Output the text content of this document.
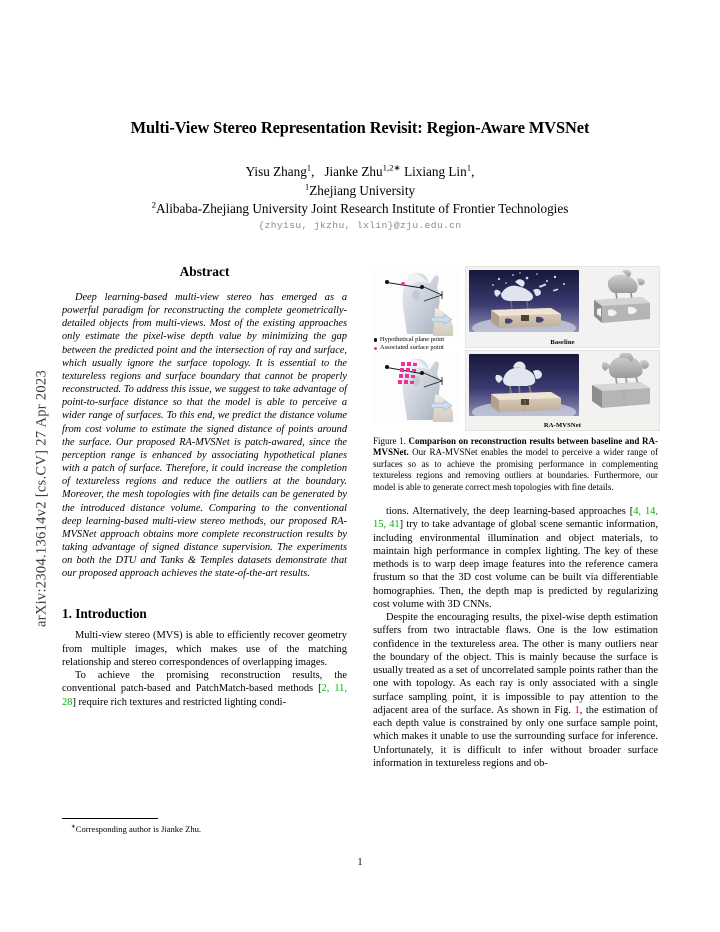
arXiv:2304.13614v2 [cs.CV] 27 Apr 2023
Multi-View Stereo Representation Revisit: Region-Aware MVSNet
Yisu Zhang$^1$, Jianke Zhu$^{1,2∗}$ Lixiang Lin$^1$,
$^1$Zhejiang University
$^2$Alibaba-Zhejiang University Joint Research Institute of Frontier Technologies
{zhyisu, jkzhu, lxlin}@zju.edu.cn
Abstract

Deep learning-based multi-view stereo has emerged as a powerful paradigm for reconstructing the complete geometrically-detailed objects from multi-views. Most of the existing approaches only estimate the pixel-wise depth value by minimizing the gap between the predicted point and the intersection of ray and surface, which usually ignore the surface topology. It is essential to the textureless regions and surface boundary that cannot be properly reconstructed. To address this issue, we suggest to take advantage of point-to-surface distance so that the model is able to perceive a wider range of surfaces. To this end, we predict the distance volume from cost volume to estimate the signed distance of points around the surface. Our proposed RA-MVSNet is patch-awared, since the perception range is enhanced by associating hypothetical planes with a patch of surface. Therefore, it could increase the completion of textureless regions and reduce the outliers at the boundary. Moreover, the mesh topologies with fine details can be generated by the introduced distance volume. Comparing to the conventional deep learning-based multi-view stereo methods, our proposed RA-MVSNet approach obtains more complete reconstruction results by taking advantage of signed distance supervision. The experiments on both the DTU and Tanks & Temples datasets demonstrate that our proposed approach achieves the state-of-the-art results.

1. Introduction

Multi-view stereo (MVS) is able to efficiently recover geometry from multiple images, which makes use of the matching relationship and stereo correspondences of overlapping images.

To achieve the promising reconstruction results, the conventional patch-based and PatchMatch-based methods [2, 11, 28] require rich textures and restricted lighting condi-

Hypothetical plane point
Associated surface point
Baseline
RA-MVSNet
Figure 1. Comparison on reconstruction results between baseline and RA-MVSNet. Our RA-MVSNet enables the model to perceive a wider range of surfaces so as to achieve the promising performance in complementing textureless regions and removing outliers at boundaries. Furthermore, our model is able to generate correct mesh topologies with fine details.

tions. Alternatively, the deep learning-based approaches [4, 14, 15, 41] try to take advantage of global scene semantic information, including environmental illumination and object materials, to maintain high performance in complex lighting. The key of these methods is to warp deep image features into the reference camera frustum so that the 3D cost volume can be built via differentiable homographies. Then, the depth map is predicted by regularizing cost volume with 3D CNNs.

Despite the encouraging results, the pixel-wise depth estimation suffers from two intractable flaws. One is the low estimation confidence in the textureless area. The other is many outliers near the boundary of the object. This is mainly because the surface is usually treated as a set of uncorrelated sample points rather than the one with topology. As each ray is only associated with a single surface sampling point, it is impossible to pay attention to the adjacent area of the surface. As shown in Fig. 1, the estimation of each depth value is constrained by only one surface sample point, which makes it unable to use the surrounding surface for inference. Unfortunately, it is difficult to infer without broader surface information in textureless regions and ob-

∗Corresponding author is Jianke Zhu.
1
